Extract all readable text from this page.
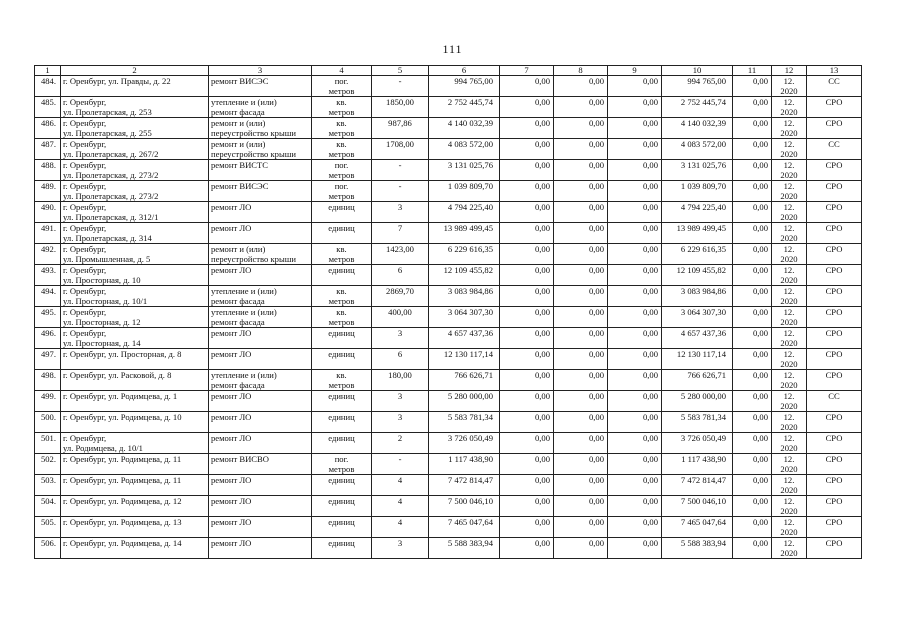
111
1	2	3	4	5	6	7	8	9	10	11	12	13
484.	г. Оренбург, ул. Правды, д. 22	ремонт ВИСЭС	пог.
метров	-	994 765,00	0,00	0,00	0,00	994 765,00	0,00	12.
2020	СС
485.	г. Оренбург,
ул. Пролетарская, д. 253	утепление и (или)
ремонт фасада	кв.
метров	1850,00	2 752 445,74	0,00	0,00	0,00	2 752 445,74	0,00	12.
2020	СРО
486.	г. Оренбург,
ул. Пролетарская, д. 255	ремонт и (или)
переустройство крыши	кв.
метров	987,86	4 140 032,39	0,00	0,00	0,00	4 140 032,39	0,00	12.
2020	СРО
487.	г. Оренбург,
ул. Пролетарская, д. 267/2	ремонт и (или)
переустройство крыши	кв.
метров	1708,00	4 083 572,00	0,00	0,00	0,00	4 083 572,00	0,00	12.
2020	СС
488.	г. Оренбург,
ул. Пролетарская, д. 273/2	ремонт ВИСТС	пог.
метров	-	3 131 025,76	0,00	0,00	0,00	3 131 025,76	0,00	12.
2020	СРО
489.	г. Оренбург,
ул. Пролетарская, д. 273/2	ремонт ВИСЭС	пог.
метров	-	1 039 809,70	0,00	0,00	0,00	1 039 809,70	0,00	12.
2020	СРО
490.	г. Оренбург,
ул. Пролетарская, д. 312/1	ремонт ЛО	единиц	3	4 794 225,40	0,00	0,00	0,00	4 794 225,40	0,00	12.
2020	СРО
491.	г. Оренбург,
ул. Пролетарская, д. 314	ремонт ЛО	единиц	7	13 989 499,45	0,00	0,00	0,00	13 989 499,45	0,00	12.
2020	СРО
492.	г. Оренбург,
ул. Промышленная, д. 5	ремонт и (или)
переустройство крыши	кв.
метров	1423,00	6 229 616,35	0,00	0,00	0,00	6 229 616,35	0,00	12.
2020	СРО
493.	г. Оренбург,
ул. Просторная, д. 10	ремонт ЛО	единиц	6	12 109 455,82	0,00	0,00	0,00	12 109 455,82	0,00	12.
2020	СРО
494.	г. Оренбург,
ул. Просторная, д. 10/1	утепление и (или)
ремонт фасада	кв.
метров	2869,70	3 083 984,86	0,00	0,00	0,00	3 083 984,86	0,00	12.
2020	СРО
495.	г. Оренбург,
ул. Просторная, д. 12	утепление и (или)
ремонт фасада	кв.
метров	400,00	3 064 307,30	0,00	0,00	0,00	3 064 307,30	0,00	12.
2020	СРО
496.	г. Оренбург,
ул. Просторная, д. 14	ремонт ЛО	единиц	3	4 657 437,36	0,00	0,00	0,00	4 657 437,36	0,00	12.
2020	СРО
497.	г. Оренбург, ул. Просторная, д. 8	ремонт ЛО	единиц	6	12 130 117,14	0,00	0,00	0,00	12 130 117,14	0,00	12.
2020	СРО
498.	г. Оренбург, ул. Расковой, д. 8	утепление и (или)
ремонт фасада	кв.
метров	180,00	766 626,71	0,00	0,00	0,00	766 626,71	0,00	12.
2020	СРО
499.	г. Оренбург, ул. Родимцева, д. 1	ремонт ЛО	единиц	3	5 280 000,00	0,00	0,00	0,00	5 280 000,00	0,00	12.
2020	СС
500.	г. Оренбург, ул. Родимцева, д. 10	ремонт ЛО	единиц	3	5 583 781,34	0,00	0,00	0,00	5 583 781,34	0,00	12.
2020	СРО
501.	г. Оренбург,
ул. Родимцева, д. 10/1	ремонт ЛО	единиц	2	3 726 050,49	0,00	0,00	0,00	3 726 050,49	0,00	12.
2020	СРО
502.	г. Оренбург, ул. Родимцева, д. 11	ремонт ВИСВО	пог.
метров	-	1 117 438,90	0,00	0,00	0,00	1 117 438,90	0,00	12.
2020	СРО
503.	г. Оренбург, ул. Родимцева, д. 11	ремонт ЛО	единиц	4	7 472 814,47	0,00	0,00	0,00	7 472 814,47	0,00	12.
2020	СРО
504.	г. Оренбург, ул. Родимцева, д. 12	ремонт ЛО	единиц	4	7 500 046,10	0,00	0,00	0,00	7 500 046,10	0,00	12.
2020	СРО
505.	г. Оренбург, ул. Родимцева, д. 13	ремонт ЛО	единиц	4	7 465 047,64	0,00	0,00	0,00	7 465 047,64	0,00	12.
2020	СРО
506.	г. Оренбург, ул. Родимцева, д. 14	ремонт ЛО	единиц	3	5 588 383,94	0,00	0,00	0,00	5 588 383,94	0,00	12.
2020	СРО
